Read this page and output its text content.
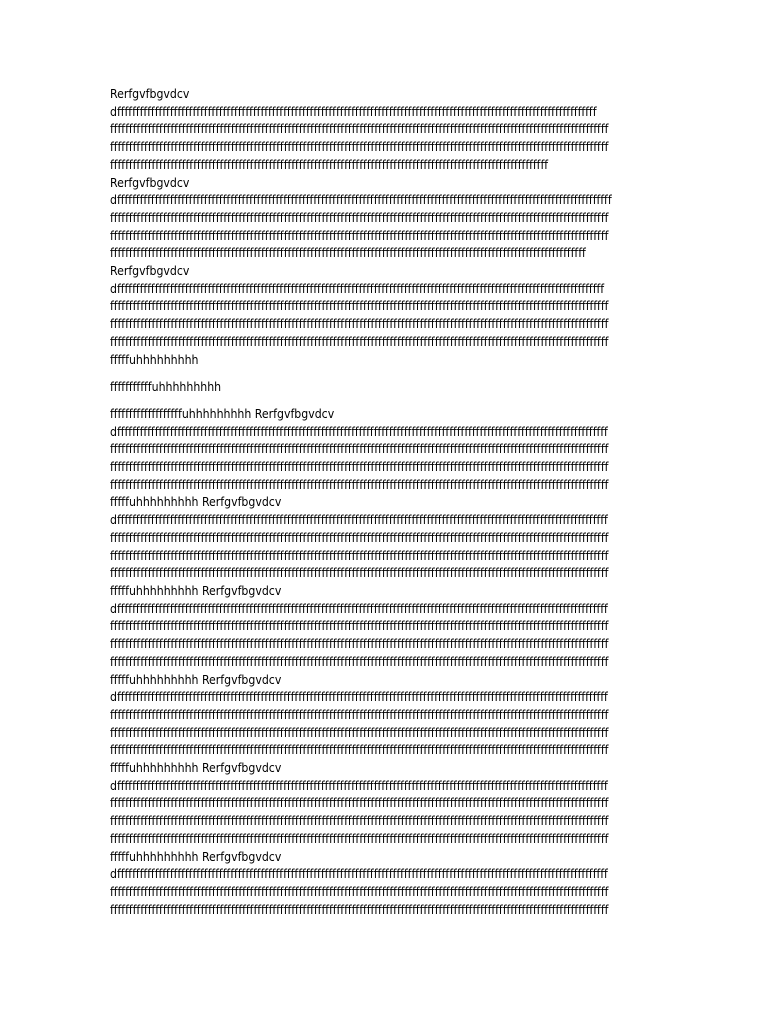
Rerfgvfbgvdcv
dfffffffffffffffffffffffffffffffffffffffffffffffffffffffffffffffffffffffffffffffffffffffffffffffffffffffffffffffffffffffffffffff
ffffffffffffffffffffffffffffffffffffffffffffffffffffffffffffffffffffffffffffffffffffffffffffffffffffffffffffffffffffffffffffffffffff
ffffffffffffffffffffffffffffffffffffffffffffffffffffffffffffffffffffffffffffffffffffffffffffffffffffffffffffffffffffffffffffffffffff
ffffffffffffffffffffffffffffffffffffffffffffffffffffffffffffffffffffffffffffffffffffffffffffffffffffffffffffffffffff
Rerfgvfbgvdcv
dfffffffffffffffffffffffffffffffffffffffffffffffffffffffffffffffffffffffffffffffffffffffffffffffffffffffffffffffffffffffffffffffffff
ffffffffffffffffffffffffffffffffffffffffffffffffffffffffffffffffffffffffffffffffffffffffffffffffffffffffffffffffffffffffffffffffffff
ffffffffffffffffffffffffffffffffffffffffffffffffffffffffffffffffffffffffffffffffffffffffffffffffffffffffffffffffffffffffffffffffffff
ffffffffffffffffffffffffffffffffffffffffffffffffffffffffffffffffffffffffffffffffffffffffffffffffffffffffffffffffffffffffffffff
Rerfgvfbgvdcv
dfffffffffffffffffffffffffffffffffffffffffffffffffffffffffffffffffffffffffffffffffffffffffffffffffffffffffffffffffffffffffffffffff
ffffffffffffffffffffffffffffffffffffffffffffffffffffffffffffffffffffffffffffffffffffffffffffffffffffffffffffffffffffffffffffffffffff
ffffffffffffffffffffffffffffffffffffffffffffffffffffffffffffffffffffffffffffffffffffffffffffffffffffffffffffffffffffffffffffffffffff
ffffffffffffffffffffffffffffffffffffffffffffffffffffffffffffffffffffffffffffffffffffffffffffffffffffffffffffffffffffffffffffffffffff
fffffuhhhhhhhhh

fffffffffffuhhhhhhhhh

fffffffffffffffffffuhhhhhhhhh Rerfgvfbgvdcv
dffffffffffffffffffffffffffffffffffffffffffffffffffffffffffffffffffffffffffffffffffffffffffffffffffffffffffffffffffffffffffffffffff
ffffffffffffffffffffffffffffffffffffffffffffffffffffffffffffffffffffffffffffffffffffffffffffffffffffffffffffffffffffffffffffffffffff
ffffffffffffffffffffffffffffffffffffffffffffffffffffffffffffffffffffffffffffffffffffffffffffffffffffffffffffffffffffffffffffffffffff
ffffffffffffffffffffffffffffffffffffffffffffffffffffffffffffffffffffffffffffffffffffffffffffffffffffffffffffffffffffffffffffffffffff
fffffuhhhhhhhhh Rerfgvfbgvdcv
dffffffffffffffffffffffffffffffffffffffffffffffffffffffffffffffffffffffffffffffffffffffffffffffffffffffffffffffffffffffffffffffffff
ffffffffffffffffffffffffffffffffffffffffffffffffffffffffffffffffffffffffffffffffffffffffffffffffffffffffffffffffffffffffffffffffffff
ffffffffffffffffffffffffffffffffffffffffffffffffffffffffffffffffffffffffffffffffffffffffffffffffffffffffffffffffffffffffffffffffffff
ffffffffffffffffffffffffffffffffffffffffffffffffffffffffffffffffffffffffffffffffffffffffffffffffffffffffffffffffffffffffffffffffffff
fffffuhhhhhhhhh Rerfgvfbgvdcv
dffffffffffffffffffffffffffffffffffffffffffffffffffffffffffffffffffffffffffffffffffffffffffffffffffffffffffffffffffffffffffffffffff
ffffffffffffffffffffffffffffffffffffffffffffffffffffffffffffffffffffffffffffffffffffffffffffffffffffffffffffffffffffffffffffffffffff
ffffffffffffffffffffffffffffffffffffffffffffffffffffffffffffffffffffffffffffffffffffffffffffffffffffffffffffffffffffffffffffffffffff
ffffffffffffffffffffffffffffffffffffffffffffffffffffffffffffffffffffffffffffffffffffffffffffffffffffffffffffffffffffffffffffffffffff
fffffuhhhhhhhhh Rerfgvfbgvdcv
dffffffffffffffffffffffffffffffffffffffffffffffffffffffffffffffffffffffffffffffffffffffffffffffffffffffffffffffffffffffffffffffffff
ffffffffffffffffffffffffffffffffffffffffffffffffffffffffffffffffffffffffffffffffffffffffffffffffffffffffffffffffffffffffffffffffffff
ffffffffffffffffffffffffffffffffffffffffffffffffffffffffffffffffffffffffffffffffffffffffffffffffffffffffffffffffffffffffffffffffffff
ffffffffffffffffffffffffffffffffffffffffffffffffffffffffffffffffffffffffffffffffffffffffffffffffffffffffffffffffffffffffffffffffffff
fffffuhhhhhhhhh Rerfgvfbgvdcv
dffffffffffffffffffffffffffffffffffffffffffffffffffffffffffffffffffffffffffffffffffffffffffffffffffffffffffffffffffffffffffffffffff
ffffffffffffffffffffffffffffffffffffffffffffffffffffffffffffffffffffffffffffffffffffffffffffffffffffffffffffffffffffffffffffffffffff
ffffffffffffffffffffffffffffffffffffffffffffffffffffffffffffffffffffffffffffffffffffffffffffffffffffffffffffffffffffffffffffffffffff
ffffffffffffffffffffffffffffffffffffffffffffffffffffffffffffffffffffffffffffffffffffffffffffffffffffffffffffffffffffffffffffffffffff
fffffuhhhhhhhhh Rerfgvfbgvdcv
dffffffffffffffffffffffffffffffffffffffffffffffffffffffffffffffffffffffffffffffffffffffffffffffffffffffffffffffffffffffffffffffffff
ffffffffffffffffffffffffffffffffffffffffffffffffffffffffffffffffffffffffffffffffffffffffffffffffffffffffffffffffffffffffffffffffffff
ffffffffffffffffffffffffffffffffffffffffffffffffffffffffffffffffffffffffffffffffffffffffffffffffffffffffffffffffffffffffffffffffffff
